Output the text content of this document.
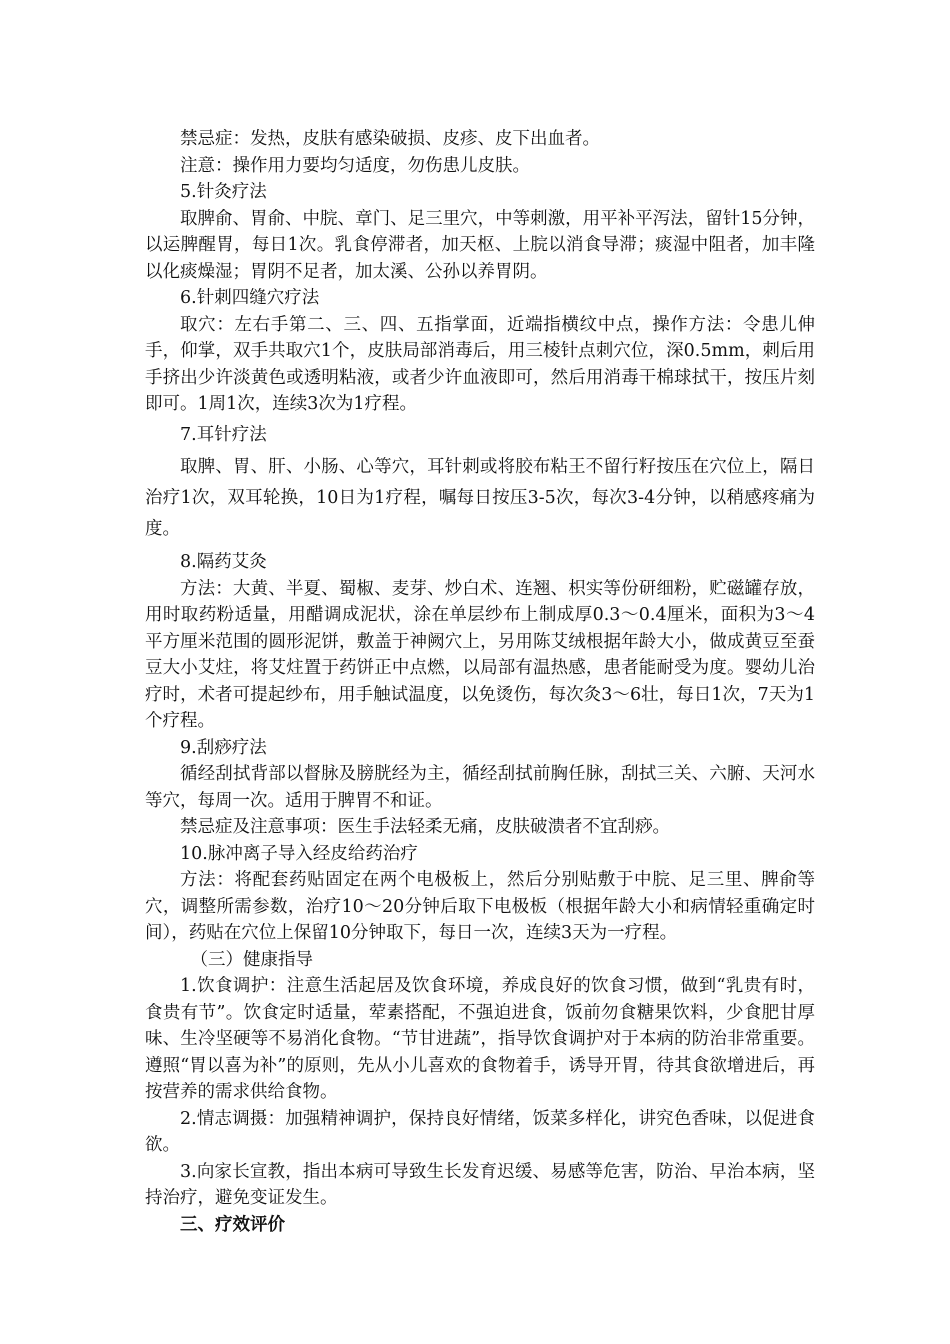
禁忌症：发热，皮肤有感染破损、皮疹、皮下出血者。

注意：操作用力要均匀适度，勿伤患儿皮肤。

5.针灸疗法

取脾俞、胃俞、中脘、章门、足三里穴，中等刺激，用平补平泻法，留针15分钟，以运脾醒胃，每日1次。乳食停滞者，加天枢、上脘以消食导滞；痰湿中阻者，加丰隆以化痰燥湿；胃阴不足者，加太溪、公孙以养胃阴。

6.针刺四缝穴疗法

取穴：左右手第二、三、四、五指掌面，近端指横纹中点，操作方法：令患儿伸手，仰掌，双手共取穴1个，皮肤局部消毒后，用三棱针点刺穴位，深0.5mm，刺后用手挤出少许淡黄色或透明粘液，或者少许血液即可，然后用消毒干棉球拭干，按压片刻即可。1周1次，连续3次为1疗程。

7.耳针疗法

取脾、胃、肝、小肠、心等穴，耳针刺或将胶布粘王不留行籽按压在穴位上，隔日治疗1次，双耳轮换，10日为1疗程，嘱每日按压3-5次，每次3-4分钟，以稍感疼痛为度。

8.隔药艾灸

方法：大黄、半夏、蜀椒、麦芽、炒白术、连翘、枳实等份研细粉，贮磁罐存放，用时取药粉适量，用醋调成泥状，涂在单层纱布上制成厚0.3～0.4厘米，面积为3～4平方厘米范围的圆形泥饼，敷盖于神阙穴上，另用陈艾绒根据年龄大小，做成黄豆至蚕豆大小艾炷，将艾炷置于药饼正中点燃，以局部有温热感，患者能耐受为度。婴幼儿治疗时，术者可提起纱布，用手触试温度，以免烫伤，每次灸3～6壮，每日1次，7天为1个疗程。

9.刮痧疗法

循经刮拭背部以督脉及膀胱经为主，循经刮拭前胸任脉，刮拭三关、六腑、天河水等穴，每周一次。适用于脾胃不和证。

禁忌症及注意事项：医生手法轻柔无痛，皮肤破溃者不宜刮痧。

10.脉冲离子导入经皮给药治疗

方法：将配套药贴固定在两个电极板上，然后分别贴敷于中脘、足三里、脾俞等穴，调整所需参数，治疗10～20分钟后取下电极板（根据年龄大小和病情轻重确定时间），药贴在穴位上保留10分钟取下，每日一次，连续3天为一疗程。

（三）健康指导

1.饮食调护：注意生活起居及饮食环境，养成良好的饮食习惯，做到“乳贵有时，食贵有节”。饮食定时适量，荤素搭配，不强迫进食，饭前勿食糖果饮料，少食肥甘厚味、生冷坚硬等不易消化食物。“节甘进蔬”，指导饮食调护对于本病的防治非常重要。遵照“胃以喜为补”的原则，先从小儿喜欢的食物着手，诱导开胃，待其食欲增进后，再按营养的需求供给食物。

2.情志调摄：加强精神调护，保持良好情绪，饭菜多样化，讲究色香味，以促进食欲。

3.向家长宣教，指出本病可导致生长发育迟缓、易感等危害，防治、早治本病，坚持治疗，避免变证发生。

三、疗效评价
